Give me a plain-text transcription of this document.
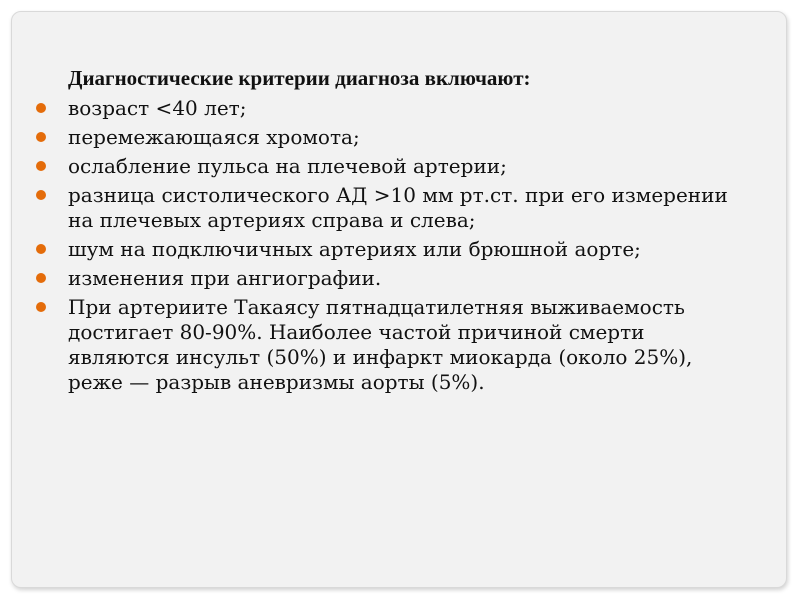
Диагностические критерии диагноза включают:
возраст <40 лет;
перемежающаяся хромота;
ослабление пульса на плечевой артерии;
разница систолического АД >10 мм рт.ст. при его измерении на плечевых артериях справа и слева;
шум на подключичных артериях или брюшной аорте;
изменения при ангиографии.
При артериите Такаясу пятнадцатилетняя выживаемость достигает 80-90%. Наиболее частой причиной смерти являются инсульт (50%) и инфаркт миокарда (около 25%), реже — разрыв аневризмы аорты (5%).
